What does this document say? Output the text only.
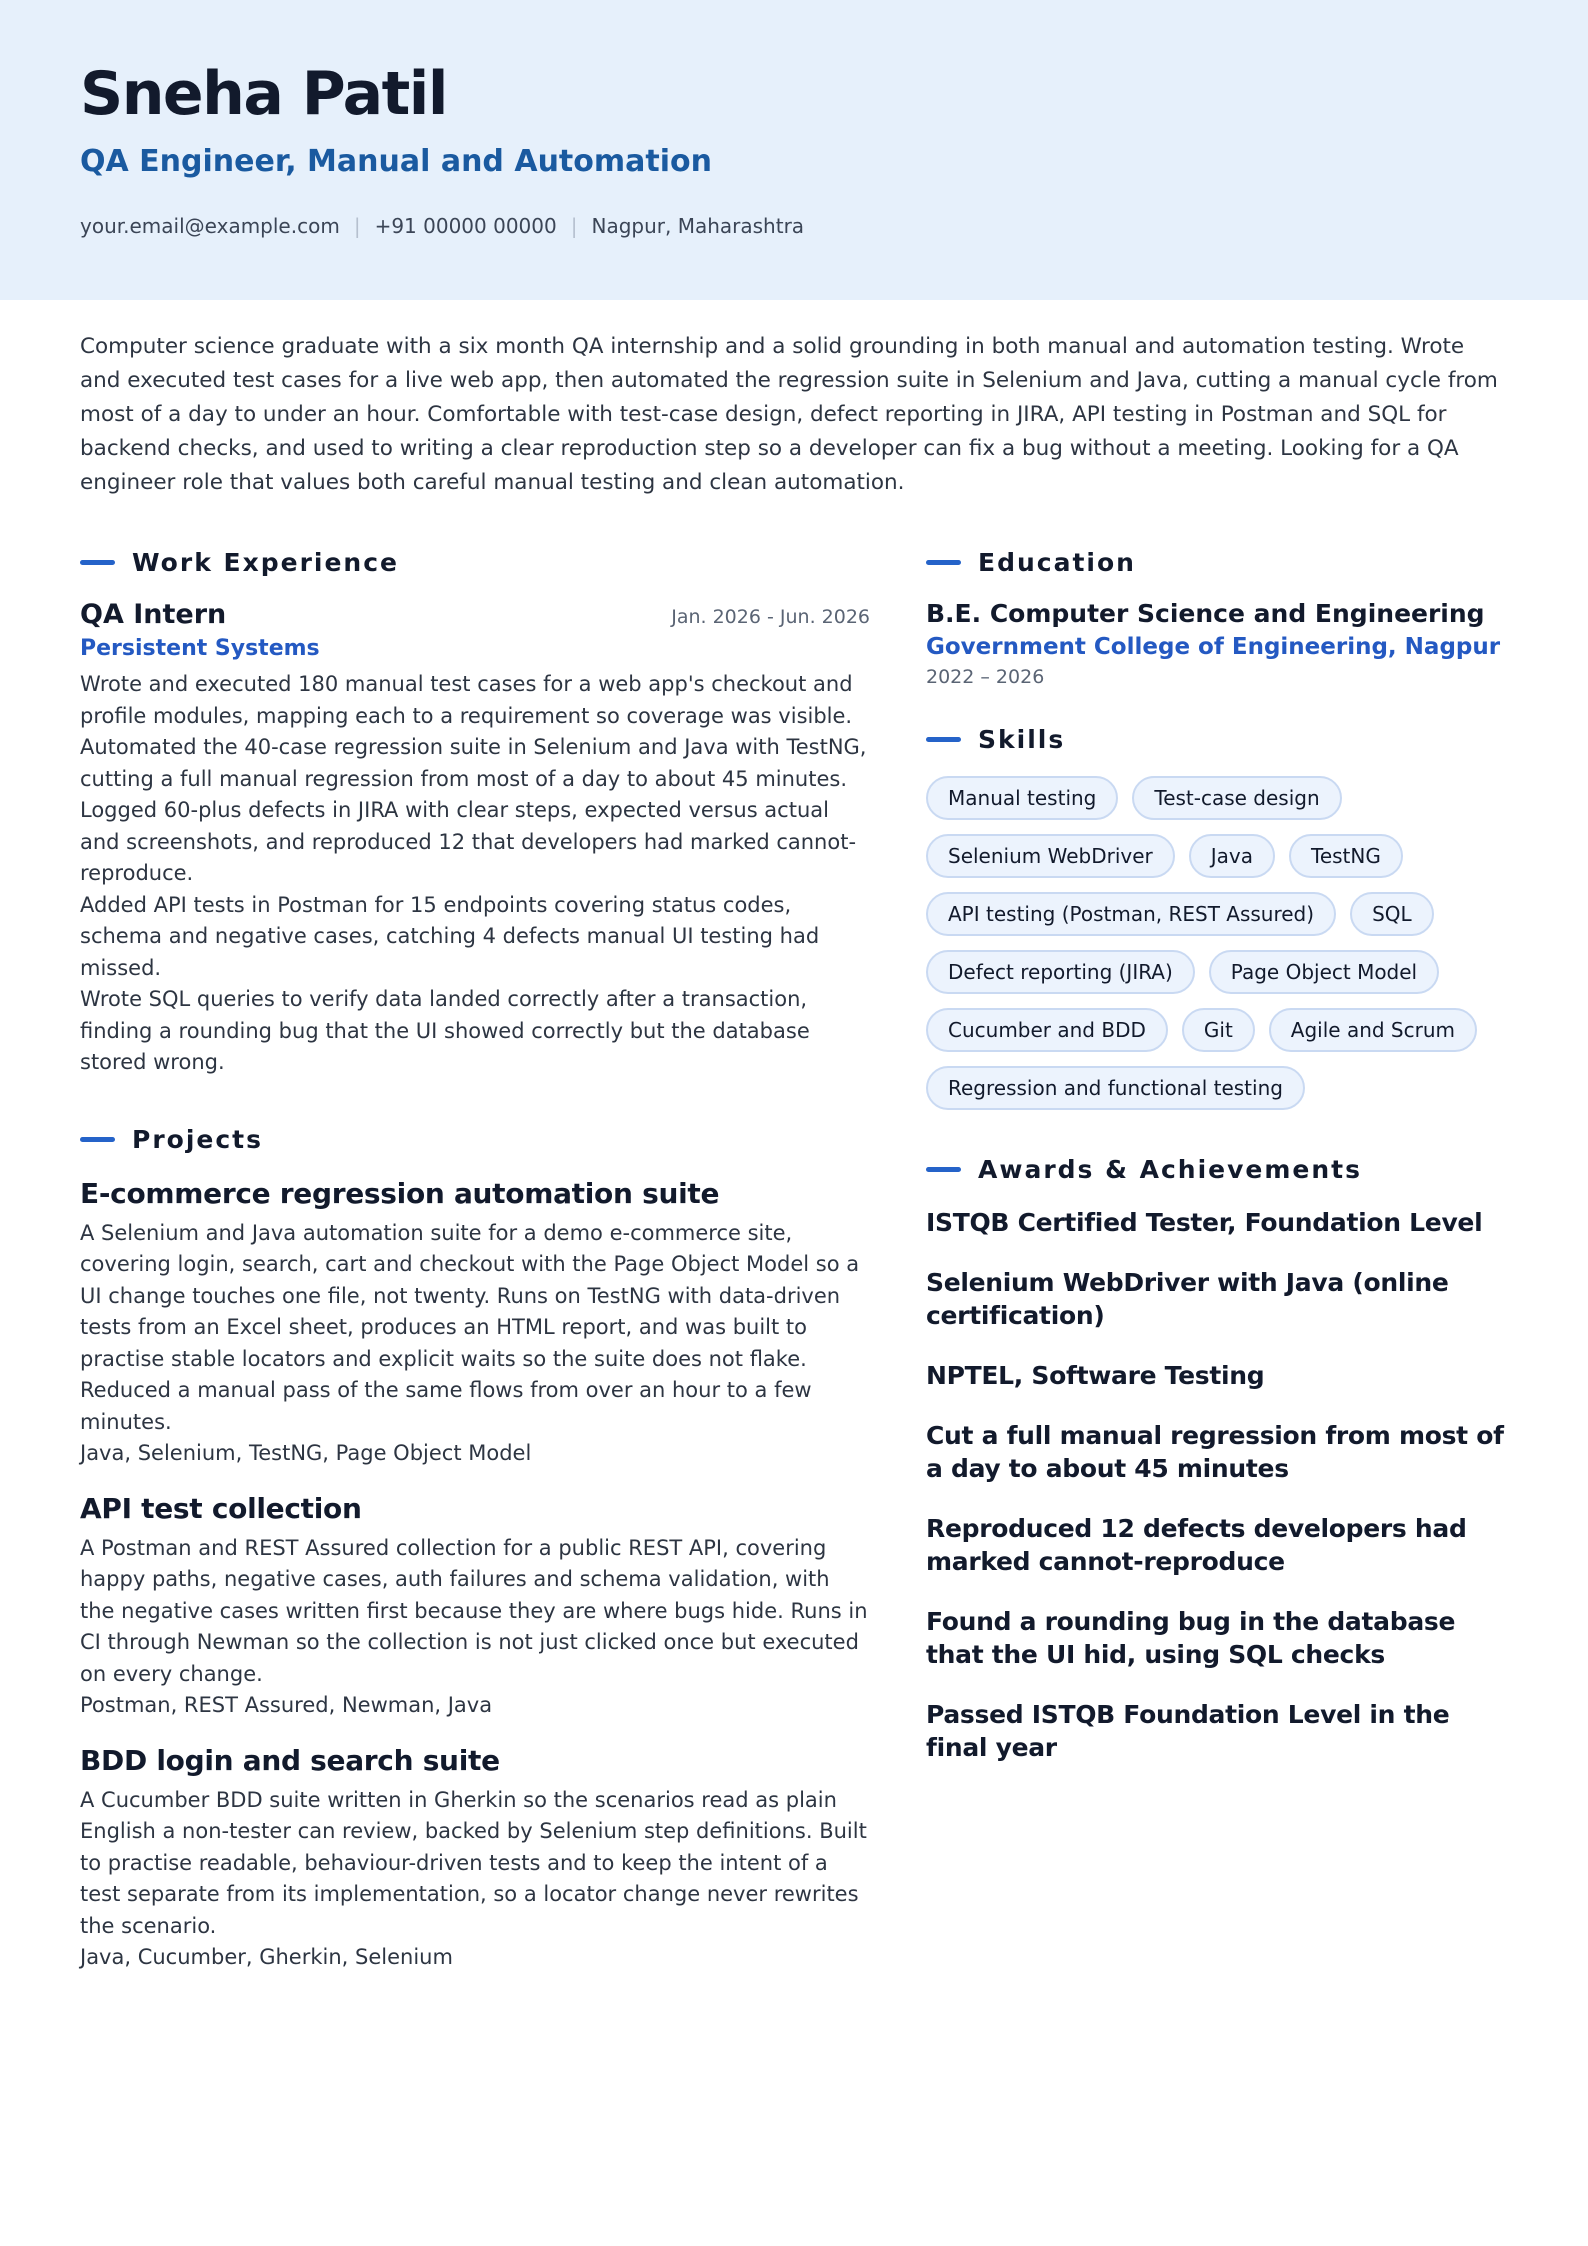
Sneha Patil
QA Engineer, Manual and Automation
your.email@example.com | +91 00000 00000 | Nagpur, Maharashtra

Computer science graduate with a six month QA internship and a solid grounding in both manual and automation testing. Wrote and executed test cases for a live web app, then automated the regression suite in Selenium and Java, cutting a manual cycle from most of a day to under an hour. Comfortable with test-case design, defect reporting in JIRA, API testing in Postman and SQL for backend checks, and used to writing a clear reproduction step so a developer can fix a bug without a meeting. Looking for a QA engineer role that values both careful manual testing and clean automation.

Work Experience
QA Intern	Jan. 2026 - Jun. 2026
Persistent Systems
Wrote and executed 180 manual test cases for a web app's checkout and profile modules, mapping each to a requirement so coverage was visible.
Automated the 40-case regression suite in Selenium and Java with TestNG, cutting a full manual regression from most of a day to about 45 minutes.
Logged 60-plus defects in JIRA with clear steps, expected versus actual and screenshots, and reproduced 12 that developers had marked cannot-reproduce.
Added API tests in Postman for 15 endpoints covering status codes, schema and negative cases, catching 4 defects manual UI testing had missed.
Wrote SQL queries to verify data landed correctly after a transaction, finding a rounding bug that the UI showed correctly but the database stored wrong.
Projects
E-commerce regression automation suite
A Selenium and Java automation suite for a demo e-commerce site, covering login, search, cart and checkout with the Page Object Model so a UI change touches one file, not twenty. Runs on TestNG with data-driven tests from an Excel sheet, produces an HTML report, and was built to practise stable locators and explicit waits so the suite does not flake. Reduced a manual pass of the same flows from over an hour to a few minutes.
Java, Selenium, TestNG, Page Object Model
API test collection
A Postman and REST Assured collection for a public REST API, covering happy paths, negative cases, auth failures and schema validation, with the negative cases written first because they are where bugs hide. Runs in CI through Newman so the collection is not just clicked once but executed on every change.
Postman, REST Assured, Newman, Java
BDD login and search suite
A Cucumber BDD suite written in Gherkin so the scenarios read as plain English a non-tester can review, backed by Selenium step definitions. Built to practise readable, behaviour-driven tests and to keep the intent of a test separate from its implementation, so a locator change never rewrites the scenario.
Java, Cucumber, Gherkin, Selenium
Education
B.E. Computer Science and Engineering
Government College of Engineering, Nagpur
2022 – 2026
Skills
Manual testing	Test-case design
Selenium WebDriver	Java	TestNG
API testing (Postman, REST Assured)	SQL
Defect reporting (JIRA)	Page Object Model
Cucumber and BDD	Git	Agile and Scrum
Regression and functional testing
Awards & Achievements
ISTQB Certified Tester, Foundation Level
Selenium WebDriver with Java (online certification)
NPTEL, Software Testing
Cut a full manual regression from most of a day to about 45 minutes
Reproduced 12 defects developers had marked cannot-reproduce
Found a rounding bug in the database that the UI hid, using SQL checks
Passed ISTQB Foundation Level in the final year
